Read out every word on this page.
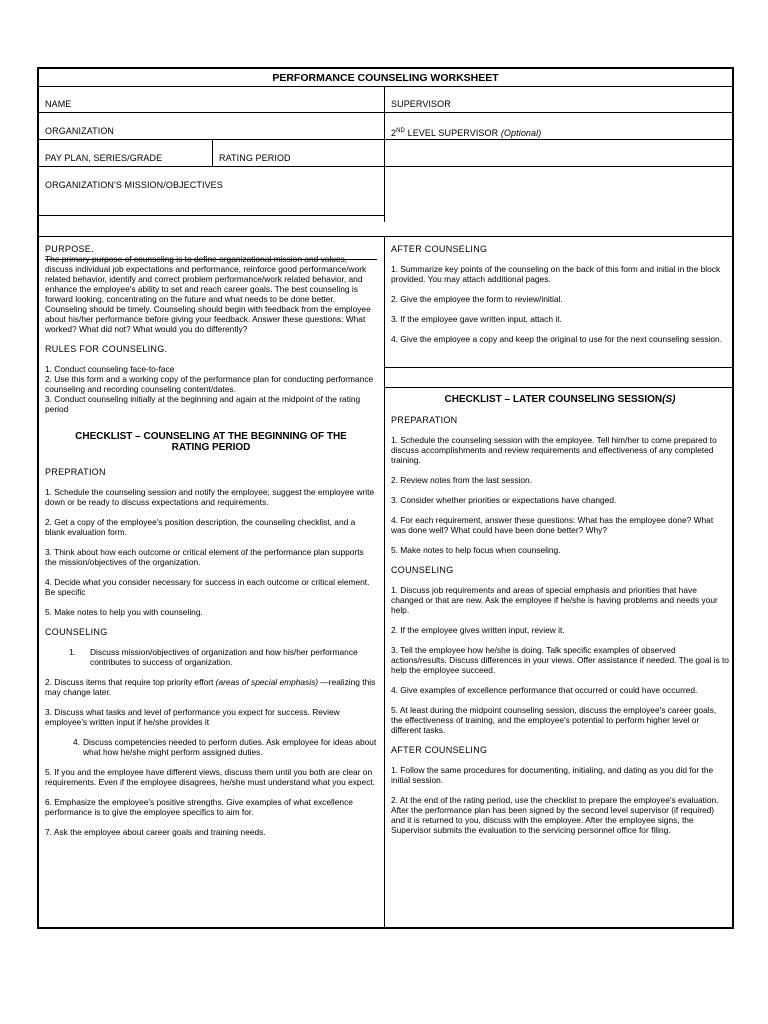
PERFORMANCE COUNSELING WORKSHEET
NAME	SUPERVISOR
ORGANIZATION	2ND LEVEL SUPERVISOR (Optional)
PAY PLAN, SERIES/GRADE	RATING PERIOD
ORGANIZATION'S MISSION/OBJECTIVES

PURPOSE.

The primary purpose of counseling is to define organizational mission and values, discuss individual job expectations and performance, reinforce good performance/work related behavior, identify and correct problem performance/work related behavior, and enhance the employee's ability to set and reach career goals. The best counseling is forward looking, concentrating on the future and what needs to be done better. Counseling should be timely. Counseling should begin with feedback from the employee about his/her performance before giving your feedback. Answer these questions: What worked? What did not? What would you do differently?

RULES FOR COUNSELING.

1. Conduct counseling face-to-face

2. Use this form and a working copy of the performance plan for conducting performance counseling and recording counseling content/dates.

3. Conduct counseling initially at the beginning and again at the midpoint of the rating period

CHECKLIST – COUNSELING AT THE BEGINNING OF THE RATING PERIOD

PREPRATION

1. Schedule the counseling session and notify the employee; suggest the employee write down or be ready to discuss expectations and requirements.

2. Get a copy of the employee's position description, the counseling checklist, and a blank evaluation form.

3. Think about how each outcome or critical element of the performance plan supports the mission/objectives of the organization.

4. Decide what you consider necessary for success in each outcome or critical element. Be specific

5. Make notes to help you with counseling.

COUNSELING

1.	Discuss mission/objectives of organization and how his/her performance contributes to success of organization.

2. Discuss items that require top priority effort (areas of special emphasis) —realizing this may change later.

3. Discuss what tasks and level of performance you expect for success. Review employee's written input if he/she provides it

4. Discuss competencies needed to perform duties. Ask employee for ideas about what how he/she might perform assigned duties.

5. If you and the employee have different views, discuss them until you both are clear on requirements. Even if the employee disagrees, he/she must understand what you expect.

6. Emphasize the employee's positive strengths. Give examples of what excellence performance is to give the employee specifics to aim for.

7. Ask the employee about career goals and training needs.

AFTER COUNSELING

1. Summarize key points of the counseling on the back of this form and initial in the block provided. You may attach additional pages.

2. Give the employee the form to review/initial.

3. If the employee gave written input, attach it.

4. Give the employee a copy and keep the original to use for the next counseling session.

CHECKLIST – LATER COUNSELING SESSION(S)

PREPARATION

1. Schedule the counseling session with the employee. Tell him/her to come prepared to discuss accomplishments and review requirements and effectiveness of any completed training.

2. Review notes from the last session.

3. Consider whether priorities or expectations have changed.

4. For each requirement, answer these questions: What has the employee done? What was done well? What could have been done better? Why?

5. Make notes to help focus when counseling.

COUNSELING

1. Discuss job requirements and areas of special emphasis and priorities that have changed or that are new. Ask the employee if he/she is having problems and needs your help.

2. If the employee gives written input, review it.

3. Tell the employee how he/she is doing. Talk specific examples of observed actions/results. Discuss differences in your views. Offer assistance if needed. The goal is to help the employee succeed.

4. Give examples of excellence performance that occurred or could have occurred.

5. At least during the midpoint counseling session, discuss the employee's career goals, the effectiveness of training, and the employee's potential to perform higher level or different tasks.

AFTER COUNSELING

1. Follow the same procedures for documenting, initialing, and dating as you did for the initial session.

2. At the end of the rating period, use the checklist to prepare the employee's evaluation. After the performance plan has been signed by the second level supervisor (if required) and it is returned to you, discuss with the employee. After the employee signs, the Supervisor submits the evaluation to the servicing personnel office for filing.
